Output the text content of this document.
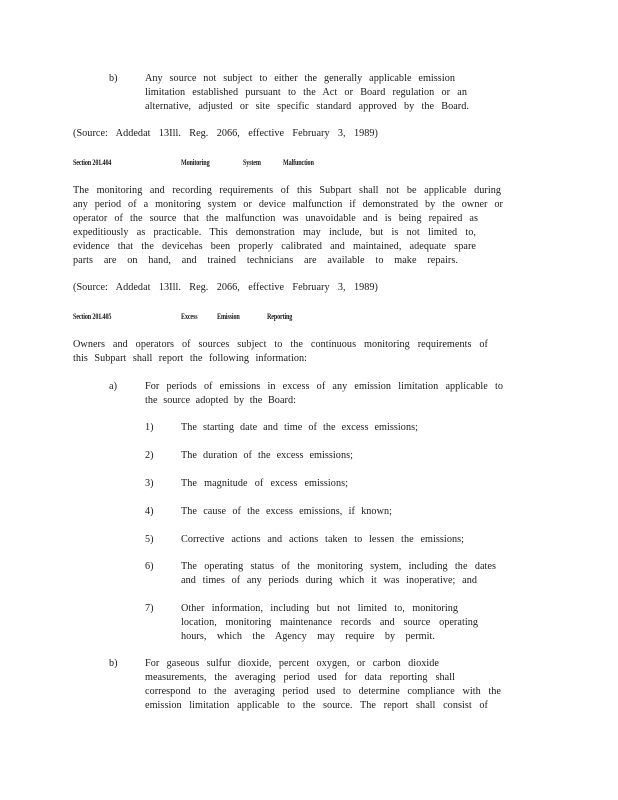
b)	Any source not subject to either the generally applicable emission
limitation established pursuant to the Act or Board regulation or an
alternative, adjusted or site specific standard approved by the Board.
(Source: Addedat 13Ill. Reg. 2066, effective February 3, 1989)
Section 201.404	Monitoring	System	Malfunction
The monitoring and recording requirements of this Subpart shall not be applicable during
any period of a monitoring system or device malfunction if demonstrated by the owner or
operator of the source that the malfunction was unavoidable and is being repaired as
expeditiously as practicable. This demonstration may include, but is not limited to,
evidence that the devicehas been properly calibrated and maintained, adequate spare
parts are on hand, and trained technicians are available to make repairs.
(Source: Addedat 13Ill. Reg. 2066, effective February 3, 1989)
Section 201.405	Excess Emission	Reporting
Owners and operators of sources subject to the continuous monitoring requirements of
this Subpart shall report the following information:
a)	For periods of emissions in excess of any emission limitation applicable to
the source adopted by the Board:
1)	The starting date and time of the excess emissions;
2)	The duration of the excess emissions;
3)	The magnitude of excess emissions;
4)	The cause of the excess emissions, if known;
5)	Corrective actions and actions taken to lessen the emissions;
6)	The operating status of the monitoring system, including the dates
and times of any periods during which it was inoperative; and
7)	Other information, including but not limited to, monitoring
location, monitoring maintenance records and source operating
hours, which the Agency may require by permit.
b)	For gaseous sulfur dioxide, percent oxygen, or carbon dioxide
measurements, the averaging period used for data reporting shall
correspond to the averaging period used to determine compliance with the
emission limitation applicable to the source. The report shall consist of
